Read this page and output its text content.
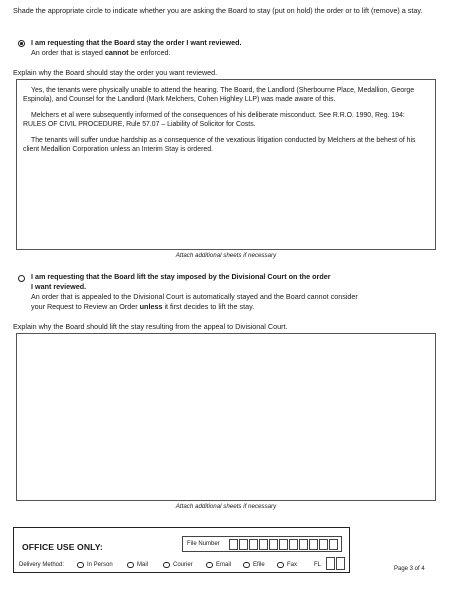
Shade the appropriate circle to indicate whether you are asking the Board to stay (put on hold) the order or to lift (remove) a stay.
I am requesting that the Board stay the order I want reviewed.
An order that is stayed cannot be enforced.
Explain why the Board should stay the order you want reviewed.

Yes, the tenants were physically unable to attend the hearing. The Board, the Landlord (Sherbourne Place, Medallion, George Espinola), and Counsel for the Landlord (Mark Melchers, Cohen Highley LLP) was made aware of this.

Melchers et al were subsequently informed of the consequences of his deliberate misconduct. See R.R.O. 1990, Reg. 194: RULES OF CIVIL PROCEDURE, Rule 57.07 – Liability of Solicitor for Costs.

The tenants will suffer undue hardship as a consequence of the vexatious litigation conducted by Melchers at the behest of his client Medallion Corporation unless an Interim Stay is ordered.

Attach additional sheets if necessary
I am requesting that the Board lift the stay imposed by the Divisional Court on the order
I want reviewed.
An order that is appealed to the Divisional Court is automatically stayed and the Board cannot consider
your Request to Review an Order unless it first decides to lift the stay.
Explain why the Board should lift the stay resulting from the appeal to Divisional Court.
Attach additional sheets if necessary
OFFICE USE ONLY:	File Number
Delivery Method:	In Person	Mail	Courier	Email	Efile	Fax	FL
Page 3 of 4
